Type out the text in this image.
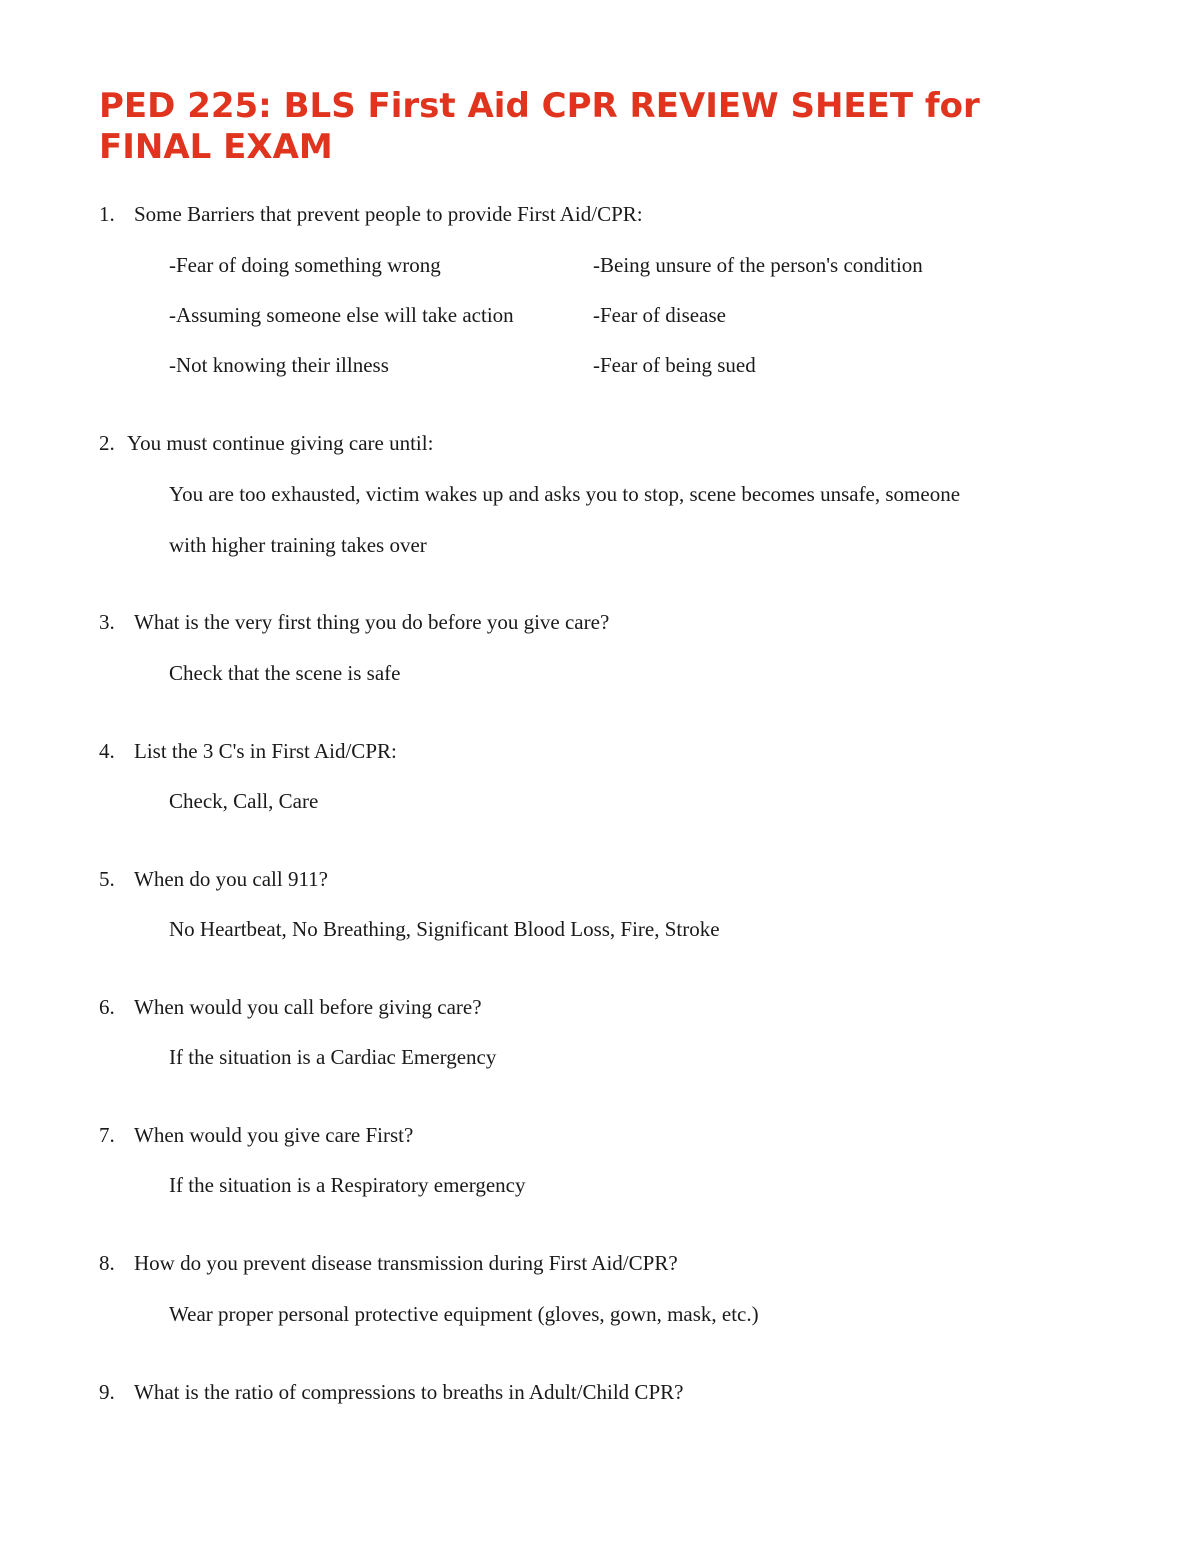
PED 225: BLS First Aid CPR REVIEW SHEET for FINAL EXAM
1. Some Barriers that prevent people to provide First Aid/CPR:
-Fear of doing something wrong	-Being unsure of the person's condition
-Assuming someone else will take action	-Fear of disease
-Not knowing their illness	-Fear of being sued
2. You must continue giving care until:
You are too exhausted, victim wakes up and asks you to stop, scene becomes unsafe, someone
with higher training takes over
3. What is the very first thing you do before you give care?
Check that the scene is safe
4. List the 3 C's in First Aid/CPR:
Check, Call, Care
5. When do you call 911?
No Heartbeat, No Breathing, Significant Blood Loss, Fire, Stroke
6. When would you call before giving care?
If the situation is a Cardiac Emergency
7. When would you give care First?
If the situation is a Respiratory emergency
8. How do you prevent disease transmission during First Aid/CPR?
Wear proper personal protective equipment (gloves, gown, mask, etc.)
9. What is the ratio of compressions to breaths in Adult/Child CPR?
